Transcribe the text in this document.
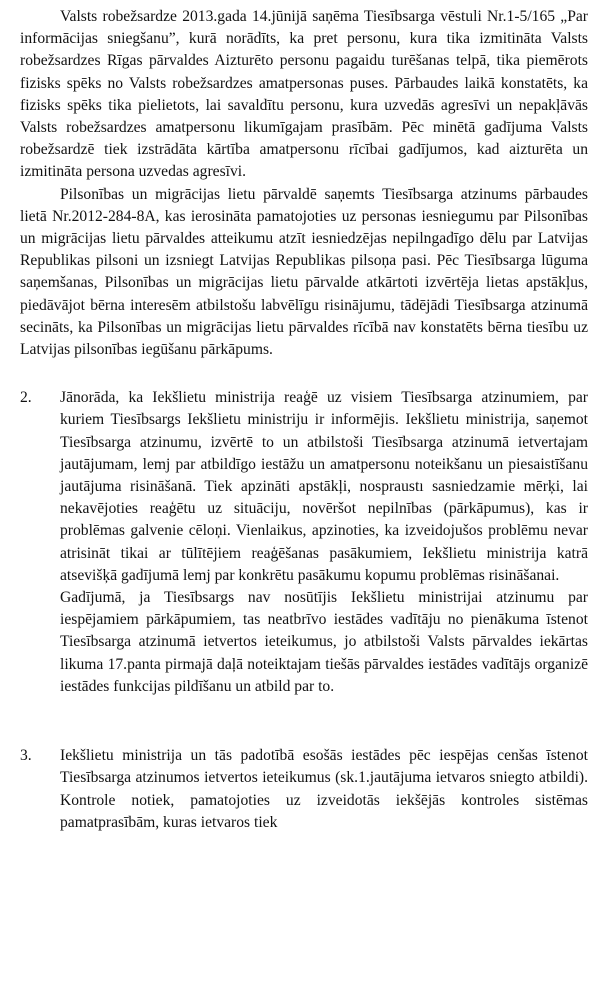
Valsts robežsardze 2013.gada 14.jūnijā saņēma Tiesībsarga vēstuli Nr.1-5/165 „Par informācijas sniegšanu”, kurā norādīts, ka pret personu, kura tika izmitināta Valsts robežsardzes Rīgas pārvaldes Aizturēto personu pagaidu turēšanas telpā, tika piemērots fizisks spēks no Valsts robežsardzes amatpersonas puses. Pārbaudes laikā konstatēts, ka fizisks spēks tika pielietots, lai savaldītu personu, kura uzvedās agresīvi un nepakļāvās Valsts robežsardzes amatpersonu likumīgajam prasībām. Pēc minētā gadījuma Valsts robežsardzē tiek izstrādāta kārtība amatpersonu rīcībai gadījumos, kad aizturēta un izmitināta persona uzvedas agresīvi.

Pilsonības un migrācijas lietu pārvaldē saņemts Tiesībsarga atzinums pārbaudes lietā Nr.2012-284-8A, kas ierosināta pamatojoties uz personas iesniegumu par Pilsonības un migrācijas lietu pārvaldes atteikumu atzīt iesniedzējas nepilngadīgo dēlu par Latvijas Republikas pilsoni un izsniegt Latvijas Republikas pilsoņa pasi. Pēc Tiesībsarga lūguma saņemšanas, Pilsonības un migrācijas lietu pārvalde atkārtoti izvērtēja lietas apstākļus, piedāvājot bērna interesēm atbilstošu labvēlīgu risinājumu, tādējādi Tiesībsarga atzinumā secināts, ka Pilsonības un migrācijas lietu pārvaldes rīcībā nav konstatēts bērna tiesību uz Latvijas pilsonības iegūšanu pārkāpums.

2.	Jānorāda, ka Iekšlietu ministrija reaģē uz visiem Tiesībsarga atzinumiem, par kuriem Tiesībsargs Iekšlietu ministriju ir informējis. Iekšlietu ministrija, saņemot Tiesībsarga atzinumu, izvērtē to un atbilstoši Tiesībsarga atzinumā ietvertajam jautājumam, lemj par atbildīgo iestāžu un amatpersonu noteikšanu un piesaistīšanu jautājuma risināšanā. Tiek apzināti apstākļi, nospraustı sasniedzamie mērķi, lai nekavējoties reaģētu uz situāciju, novēršot nepilnības (pārkāpumus), kas ir problēmas galvenie cēloņi. Vienlaikus, apzinoties, ka izveidojušos problēmu nevar atrisināt tikai ar tūlītējiem reaģēšanas pasākumiem, Iekšlietu ministrija katrā atsevišķā gadījumā lemj par konkrētu pasākumu kopumu problēmas risināšanai.

Gadījumā, ja Tiesībsargs nav nosūtījis Iekšlietu ministrijai atzinumu par iespējamiem pārkāpumiem, tas neatbrīvo iestādes vadītāju no pienākuma īstenot Tiesībsarga atzinumā ietvertos ieteikumus, jo atbilstoši Valsts pārvaldes iekārtas likuma 17.panta pirmajā daļā noteiktajam tiešās pārvaldes iestādes vadītājs organizē iestādes funkcijas pildīšanu un atbild par to.

3.	Iekšlietu ministrija un tās padotībā esošās iestādes pēc iespējas cenšas īstenot Tiesībsarga atzinumos ietvertos ieteikumus (sk.1.jautājuma ietvaros sniegto atbildi). Kontrole notiek, pamatojoties uz izveidotās iekšējās kontroles sistēmas pamatprasībām, kuras ietvaros tiek
